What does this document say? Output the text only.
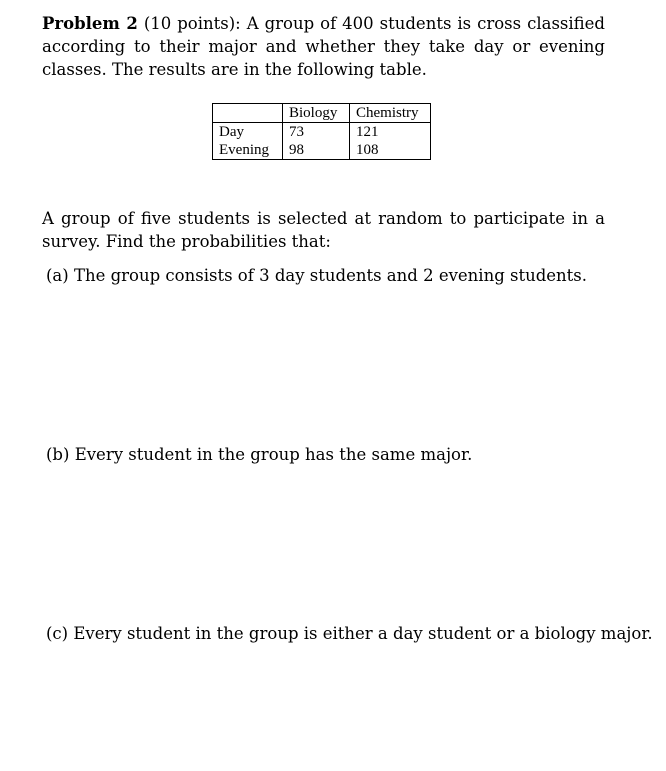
Problem 2 (10 points): A group of 400 students is cross classified according to their major and whether they take day or evening classes. The results are in the following table.

	Biology	Chemistry
Day	73	121
Evening	98	108

A group of five students is selected at random to participate in a survey. Find the probabilities that:

(a) The group consists of 3 day students and 2 evening students.

(b) Every student in the group has the same major.

(c) Every student in the group is either a day student or a biology major.
